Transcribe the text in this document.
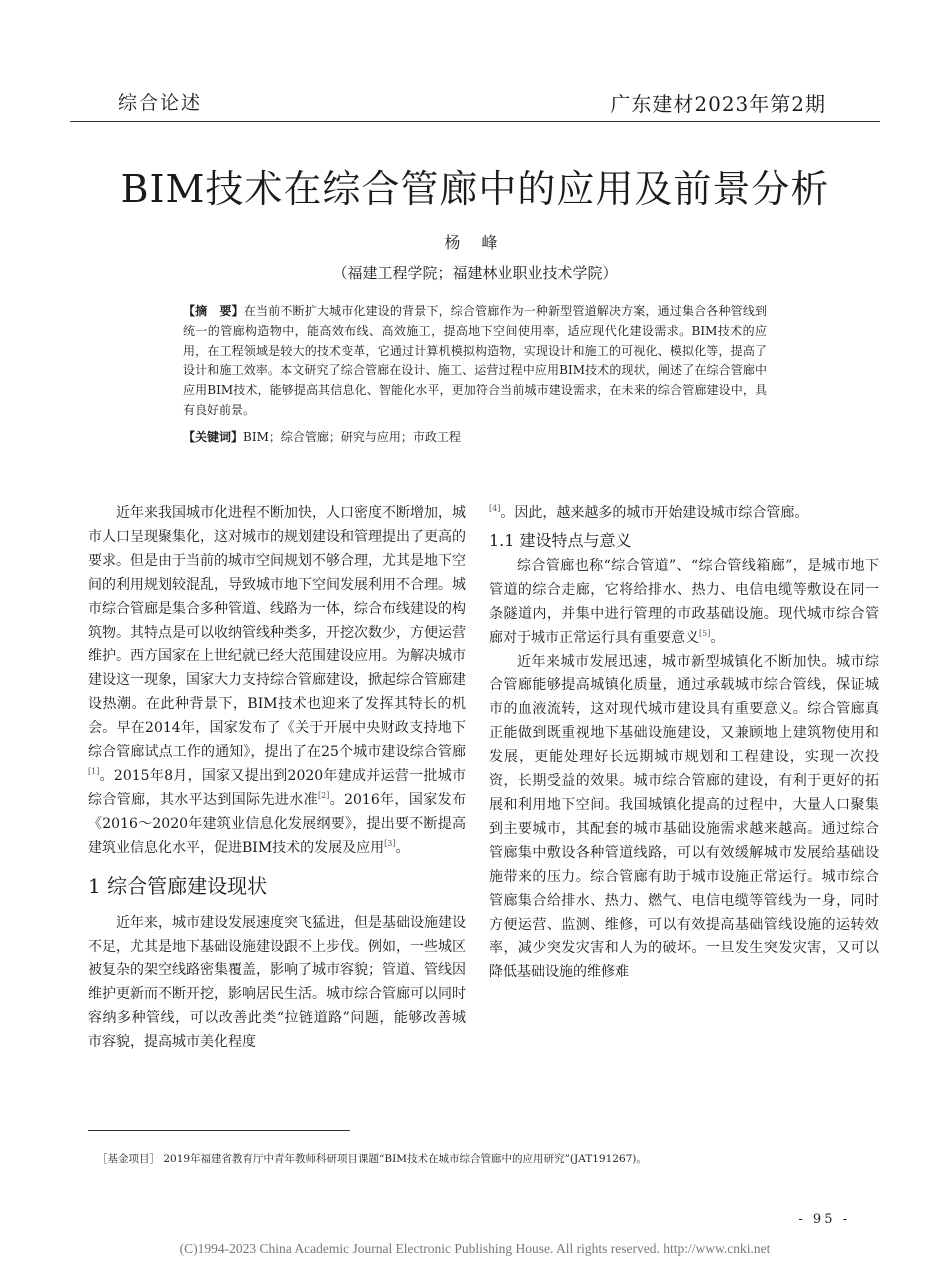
综合论述	广东建材2023年第2期
BIM技术在综合管廊中的应用及前景分析
杨 峰
（福建工程学院；福建林业职业技术学院）
【摘　要】在当前不断扩大城市化建设的背景下，综合管廊作为一种新型管道解决方案，通过集合各种管线到统一的管廊构造物中，能高效布线、高效施工，提高地下空间使用率，适应现代化建设需求。BIM技术的应用，在工程领域是较大的技术变革，它通过计算机模拟构造物，实现设计和施工的可视化、模拟化等，提高了设计和施工效率。本文研究了综合管廊在设计、施工、运营过程中应用BIM技术的现状，阐述了在综合管廊中应用BIM技术，能够提高其信息化、智能化水平，更加符合当前城市建设需求，在未来的综合管廊建设中，具有良好前景。
【关键词】BIM；综合管廊；研究与应用；市政工程

近年来我国城市化进程不断加快，人口密度不断增加，城市人口呈现聚集化，这对城市的规划建设和管理提出了更高的要求。但是由于当前的城市空间规划不够合理，尤其是地下空间的利用规划较混乱，导致城市地下空间发展利用不合理。城市综合管廊是集合多种管道、线路为一体，综合布线建设的构筑物。其特点是可以收纳管线种类多，开挖次数少，方便运营维护。西方国家在上世纪就已经大范围建设应用。为解决城市建设这一现象，国家大力支持综合管廊建设，掀起综合管廊建设热潮。在此种背景下，BIM技术也迎来了发挥其特长的机会。早在2014年，国家发布了《关于开展中央财政支持地下综合管廊试点工作的通知》，提出了在25个城市建设综合管廊[1]。2015年8月，国家又提出到2020年建成并运营一批城市综合管廊，其水平达到国际先进水准[2]。2016年，国家发布《2016～2020年建筑业信息化发展纲要》，提出要不断提高建筑业信息化水平，促进BIM技术的发展及应用[3]。

1 综合管廊建设现状

近年来，城市建设发展速度突飞猛进，但是基础设施建设不足，尤其是地下基础设施建设跟不上步伐。例如，一些城区被复杂的架空线路密集覆盖，影响了城市容貌；管道、管线因维护更新而不断开挖，影响居民生活。城市综合管廊可以同时容纳多种管线，可以改善此类“拉链道路”问题，能够改善城市容貌，提高城市美化程度

[4]。因此，越来越多的城市开始建设城市综合管廊。

1.1 建设特点与意义

综合管廊也称“综合管道”、“综合管线箱廊”，是城市地下管道的综合走廊，它将给排水、热力、电信电缆等敷设在同一条隧道内，并集中进行管理的市政基础设施。现代城市综合管廊对于城市正常运行具有重要意义[5]。

近年来城市发展迅速，城市新型城镇化不断加快。城市综合管廊能够提高城镇化质量，通过承载城市综合管线，保证城市的血液流转，这对现代城市建设具有重要意义。综合管廊真正能做到既重视地下基础设施建设，又兼顾地上建筑物使用和发展，更能处理好长远期城市规划和工程建设，实现一次投资，长期受益的效果。城市综合管廊的建设，有利于更好的拓展和利用地下空间。我国城镇化提高的过程中，大量人口聚集到主要城市，其配套的城市基础设施需求越来越高。通过综合管廊集中敷设各种管道线路，可以有效缓解城市发展给基础设施带来的压力。综合管廊有助于城市设施正常运行。城市综合管廊集合给排水、热力、燃气、电信电缆等管线为一身，同时方便运营、监测、维修，可以有效提高基础管线设施的运转效率，减少突发灾害和人为的破坏。一旦发生突发灾害，又可以降低基础设施的维修难

［基金项目］ 2019年福建省教育厅中青年教师科研项目课题“BIM技术在城市综合管廊中的应用研究”(JAT191267)。
- 95 -
(C)1994-2023 China Academic Journal Electronic Publishing House. All rights reserved. http://www.cnki.net
